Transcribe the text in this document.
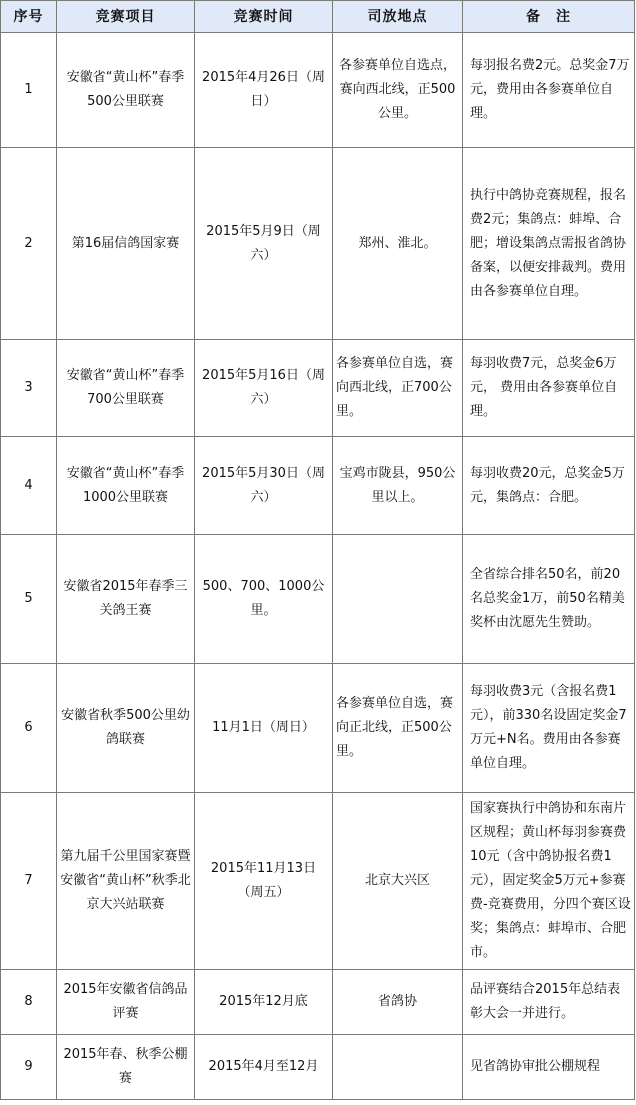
序号	竞赛项目	竞赛时间	司放地点	备　注
1	安徽省“黄山杯”春季500公里联赛	2015年4月26日（周日）	各参赛单位自选点，赛向西北线，正500公里。	每羽报名费2元。总奖金7万元，费用由各参赛单位自理。
2	第16届信鸽国家赛	2015年5月9日（周六）	郑州、淮北。	执行中鸽协竞赛规程，报名费2元；集鸽点：蚌埠、合肥；增设集鸽点需报省鸽协备案，以便安排裁判。费用由各参赛单位自理。
3	安徽省“黄山杯”春季700公里联赛	2015年5月16日（周六）	各参赛单位自选，赛向西北线，正700公里。	每羽收费7元，总奖金6万元， 费用由各参赛单位自理。
4	安徽省“黄山杯”春季1000公里联赛	2015年5月30日（周六）	宝鸡市陇县，950公里以上。	每羽收费20元，总奖金5万元，集鸽点：合肥。
5	安徽省2015年春季三关鸽王赛	500、700、1000公里。		全省综合排名50名，前20名总奖金1万，前50名精美奖杯由沈愿先生赞助。
6	安徽省秋季500公里幼鸽联赛	11月1日（周日）	各参赛单位自选，赛向正北线，正500公里。	每羽收费3元（含报名费1元），前330名设固定奖金7万元+N名。费用由各参赛单位自理。
7	第九届千公里国家赛暨安徽省“黄山杯”秋季北京大兴站联赛	2015年11月13日（周五）	北京大兴区	国家赛执行中鸽协和东南片区规程；黄山杯每羽参赛费10元（含中鸽协报名费1元），固定奖金5万元+参赛费-竞赛费用，分四个赛区设奖；集鸽点：蚌埠市、合肥市。
8	2015年安徽省信鸽品评赛	2015年12月底	省鸽协	品评赛结合2015年总结表彰大会一并进行。
9	2015年春、秋季公棚赛	2015年4月至12月		见省鸽协审批公棚规程
